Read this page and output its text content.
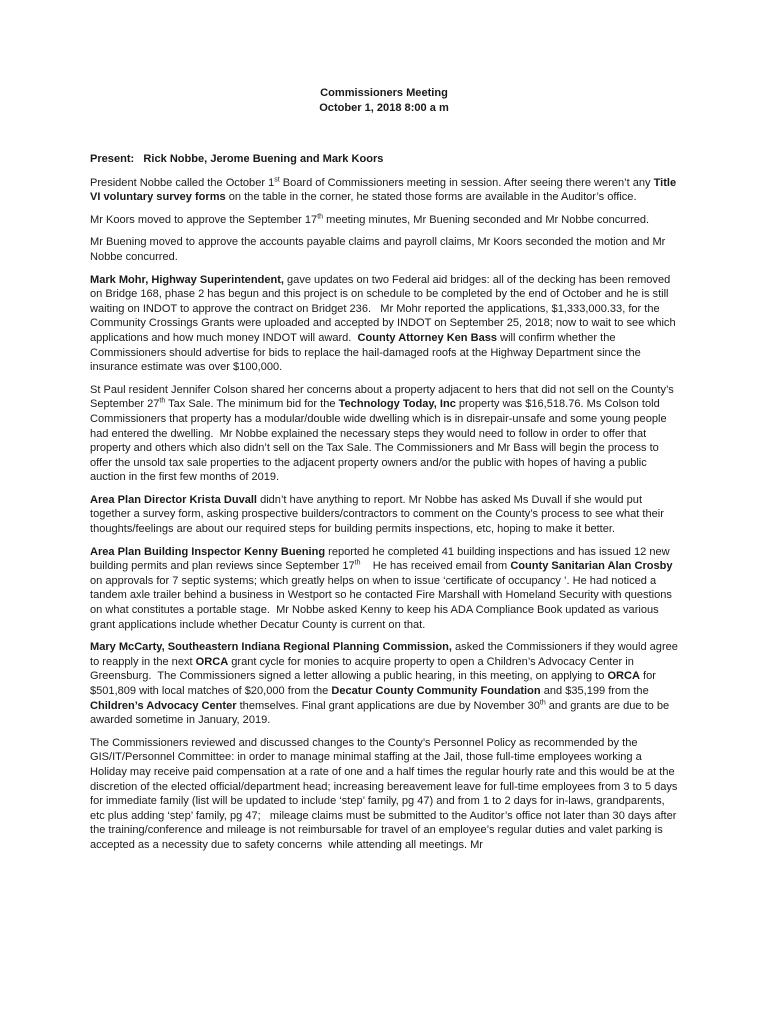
Commissioners Meeting
October 1, 2018 8:00 a m
Present:   Rick Nobbe, Jerome Buening and Mark Koors

President Nobbe called the October 1st Board of Commissioners meeting in session. After seeing there weren’t any Title VI voluntary survey forms on the table in the corner, he stated those forms are available in the Auditor’s office.

Mr Koors moved to approve the September 17th meeting minutes, Mr Buening seconded and Mr Nobbe concurred.

Mr Buening moved to approve the accounts payable claims and payroll claims, Mr Koors seconded the motion and Mr Nobbe concurred.

Mark Mohr, Highway Superintendent, gave updates on two Federal aid bridges: all of the decking has been removed on Bridge 168, phase 2 has begun and this project is on schedule to be completed by the end of October and he is still waiting on INDOT to approve the contract on Bridget 236.   Mr Mohr reported the applications, $1,333,000.33, for the Community Crossings Grants were uploaded and accepted by INDOT on September 25, 2018; now to wait to see which applications and how much money INDOT will award.  County Attorney Ken Bass will confirm whether the Commissioners should advertise for bids to replace the hail-damaged roofs at the Highway Department since the insurance estimate was over $100,000.

St Paul resident Jennifer Colson shared her concerns about a property adjacent to hers that did not sell on the County’s September 27th Tax Sale. The minimum bid for the Technology Today, Inc property was $16,518.76. Ms Colson told Commissioners that property has a modular/double wide dwelling which is in disrepair-unsafe and some young people had entered the dwelling.  Mr Nobbe explained the necessary steps they would need to follow in order to offer that property and others which also didn’t sell on the Tax Sale. The Commissioners and Mr Bass will begin the process to offer the unsold tax sale properties to the adjacent property owners and/or the public with hopes of having a public auction in the first few months of 2019.

Area Plan Director Krista Duvall didn’t have anything to report. Mr Nobbe has asked Ms Duvall if she would put together a survey form, asking prospective builders/contractors to comment on the County’s process to see what their thoughts/feelings are about our required steps for building permits inspections, etc, hoping to make it better.

Area Plan Building Inspector Kenny Buening reported he completed 41 building inspections and has issued 12 new building permits and plan reviews since September 17th    He has received email from County Sanitarian Alan Crosby on approvals for 7 septic systems; which greatly helps on when to issue ‘certificate of occupancy ’. He had noticed a tandem axle trailer behind a business in Westport so he contacted Fire Marshall with Homeland Security with questions on what constitutes a portable stage.  Mr Nobbe asked Kenny to keep his ADA Compliance Book updated as various grant applications include whether Decatur County is current on that.

Mary McCarty, Southeastern Indiana Regional Planning Commission, asked the Commissioners if they would agree to reapply in the next ORCA grant cycle for monies to acquire property to open a Children’s Advocacy Center in Greensburg.  The Commissioners signed a letter allowing a public hearing, in this meeting, on applying to ORCA for $501,809 with local matches of $20,000 from the Decatur County Community Foundation and $35,199 from the Children’s Advocacy Center themselves. Final grant applications are due by November 30th and grants are due to be awarded sometime in January, 2019.

The Commissioners reviewed and discussed changes to the County’s Personnel Policy as recommended by the GIS/IT/Personnel Committee: in order to manage minimal staffing at the Jail, those full-time employees working a Holiday may receive paid compensation at a rate of one and a half times the regular hourly rate and this would be at the discretion of the elected official/department head; increasing bereavement leave for full-time employees from 3 to 5 days for immediate family (list will be updated to include ‘step’ family, pg 47) and from 1 to 2 days for in-laws, grandparents, etc plus adding ‘step’ family, pg 47;   mileage claims must be submitted to the Auditor’s office not later than 30 days after the training/conference and mileage is not reimbursable for travel of an employee’s regular duties and valet parking is accepted as a necessity due to safety concerns  while attending all meetings. Mr
